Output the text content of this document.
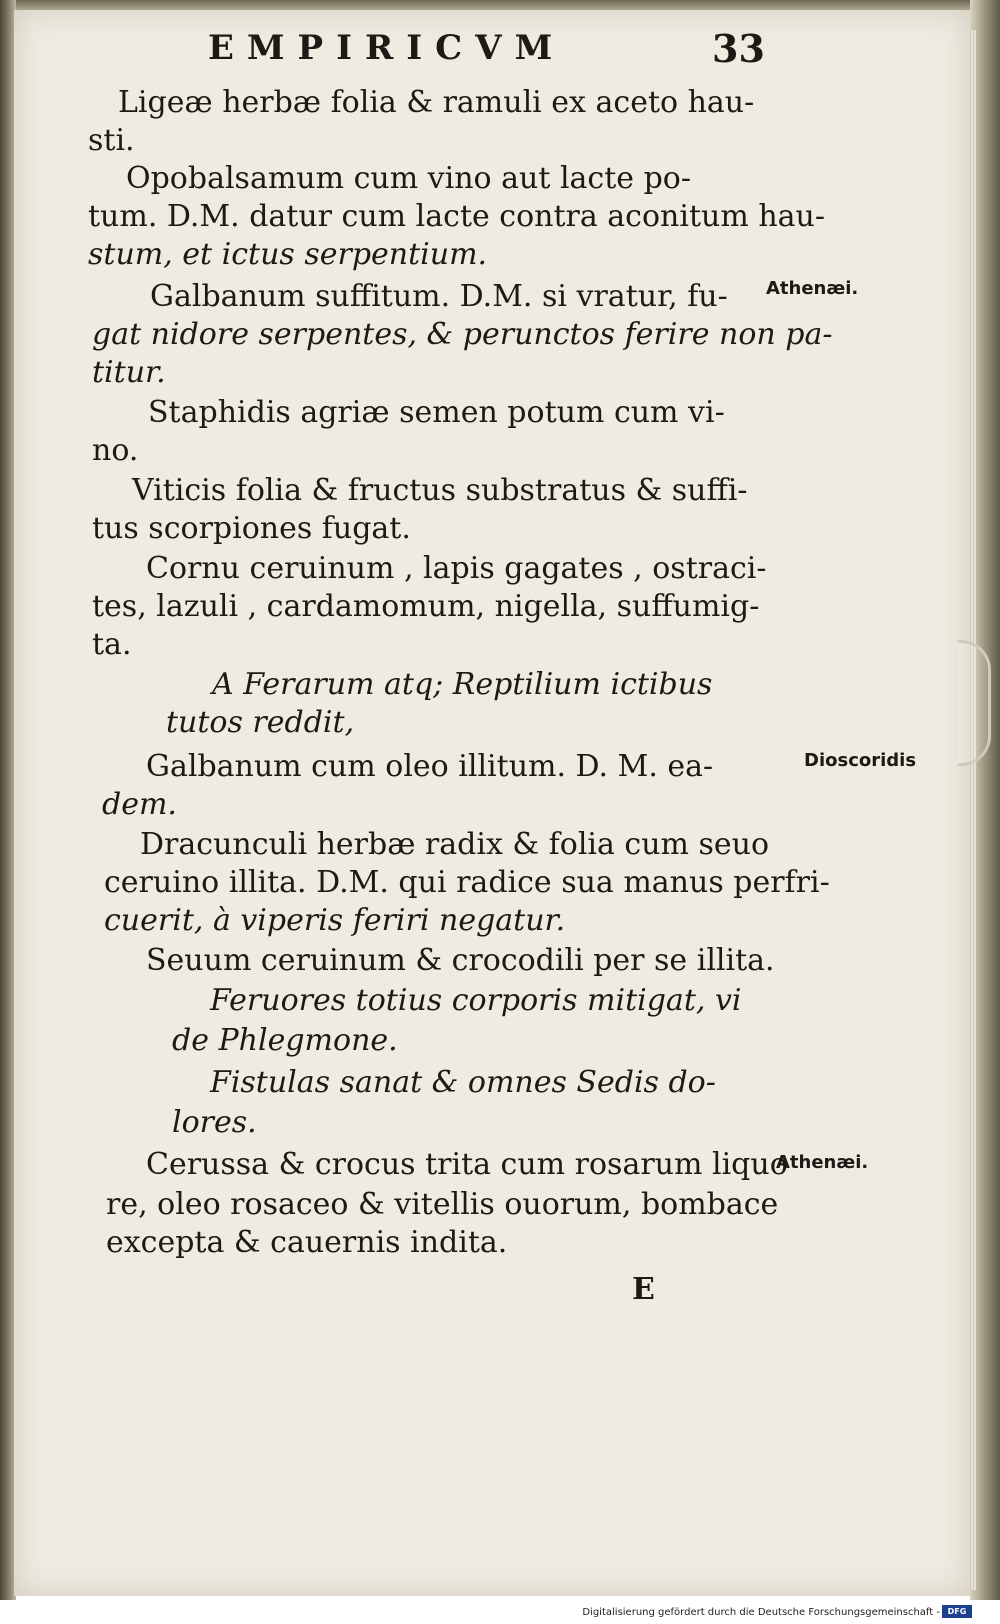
EMPIRICVM	33
Ligeæ herbæ folia & ramuli ex aceto hau-
sti.
Opobalsamum cum vino aut lacte po-
tum. D.M. datur cum lacte contra aconitum hau-
stum, et ictus serpentium.
Galbanum suffitum. D.M. si vratur, fu-
gat nidore serpentes, & perunctos ferire non pa-
titur.
Staphidis agriæ semen potum cum vi-
no.
Viticis folia & fructus substratus & suffi-
tus scorpiones fugat.
Cornu ceruinum , lapis gagates , ostraci-
tes, lazuli , cardamomum, nigella, suffumig-
ta.
A Ferarum atq; Reptilium ictibus
tutos reddit,
Galbanum cum oleo illitum. D. M. ea-
dem.
Dracunculi herbæ radix & folia cum seuo
ceruino illita. D.M. qui radice sua manus perfri-
cuerit, à viperis feriri negatur.
Seuum ceruinum & crocodili per se illita.
Feruores totius corporis mitigat, vi
de Phlegmone.
Fistulas sanat & omnes Sedis do-
lores.
Cerussa & crocus trita cum rosarum liquo
re, oleo rosaceo & vitellis ouorum, bombace
excepta & cauernis indita.
Athenæi.
Dioscoridis
Athenæi.
E
Digitalisierung gefördert durch die Deutsche Forschungsgemeinschaft - DFG
